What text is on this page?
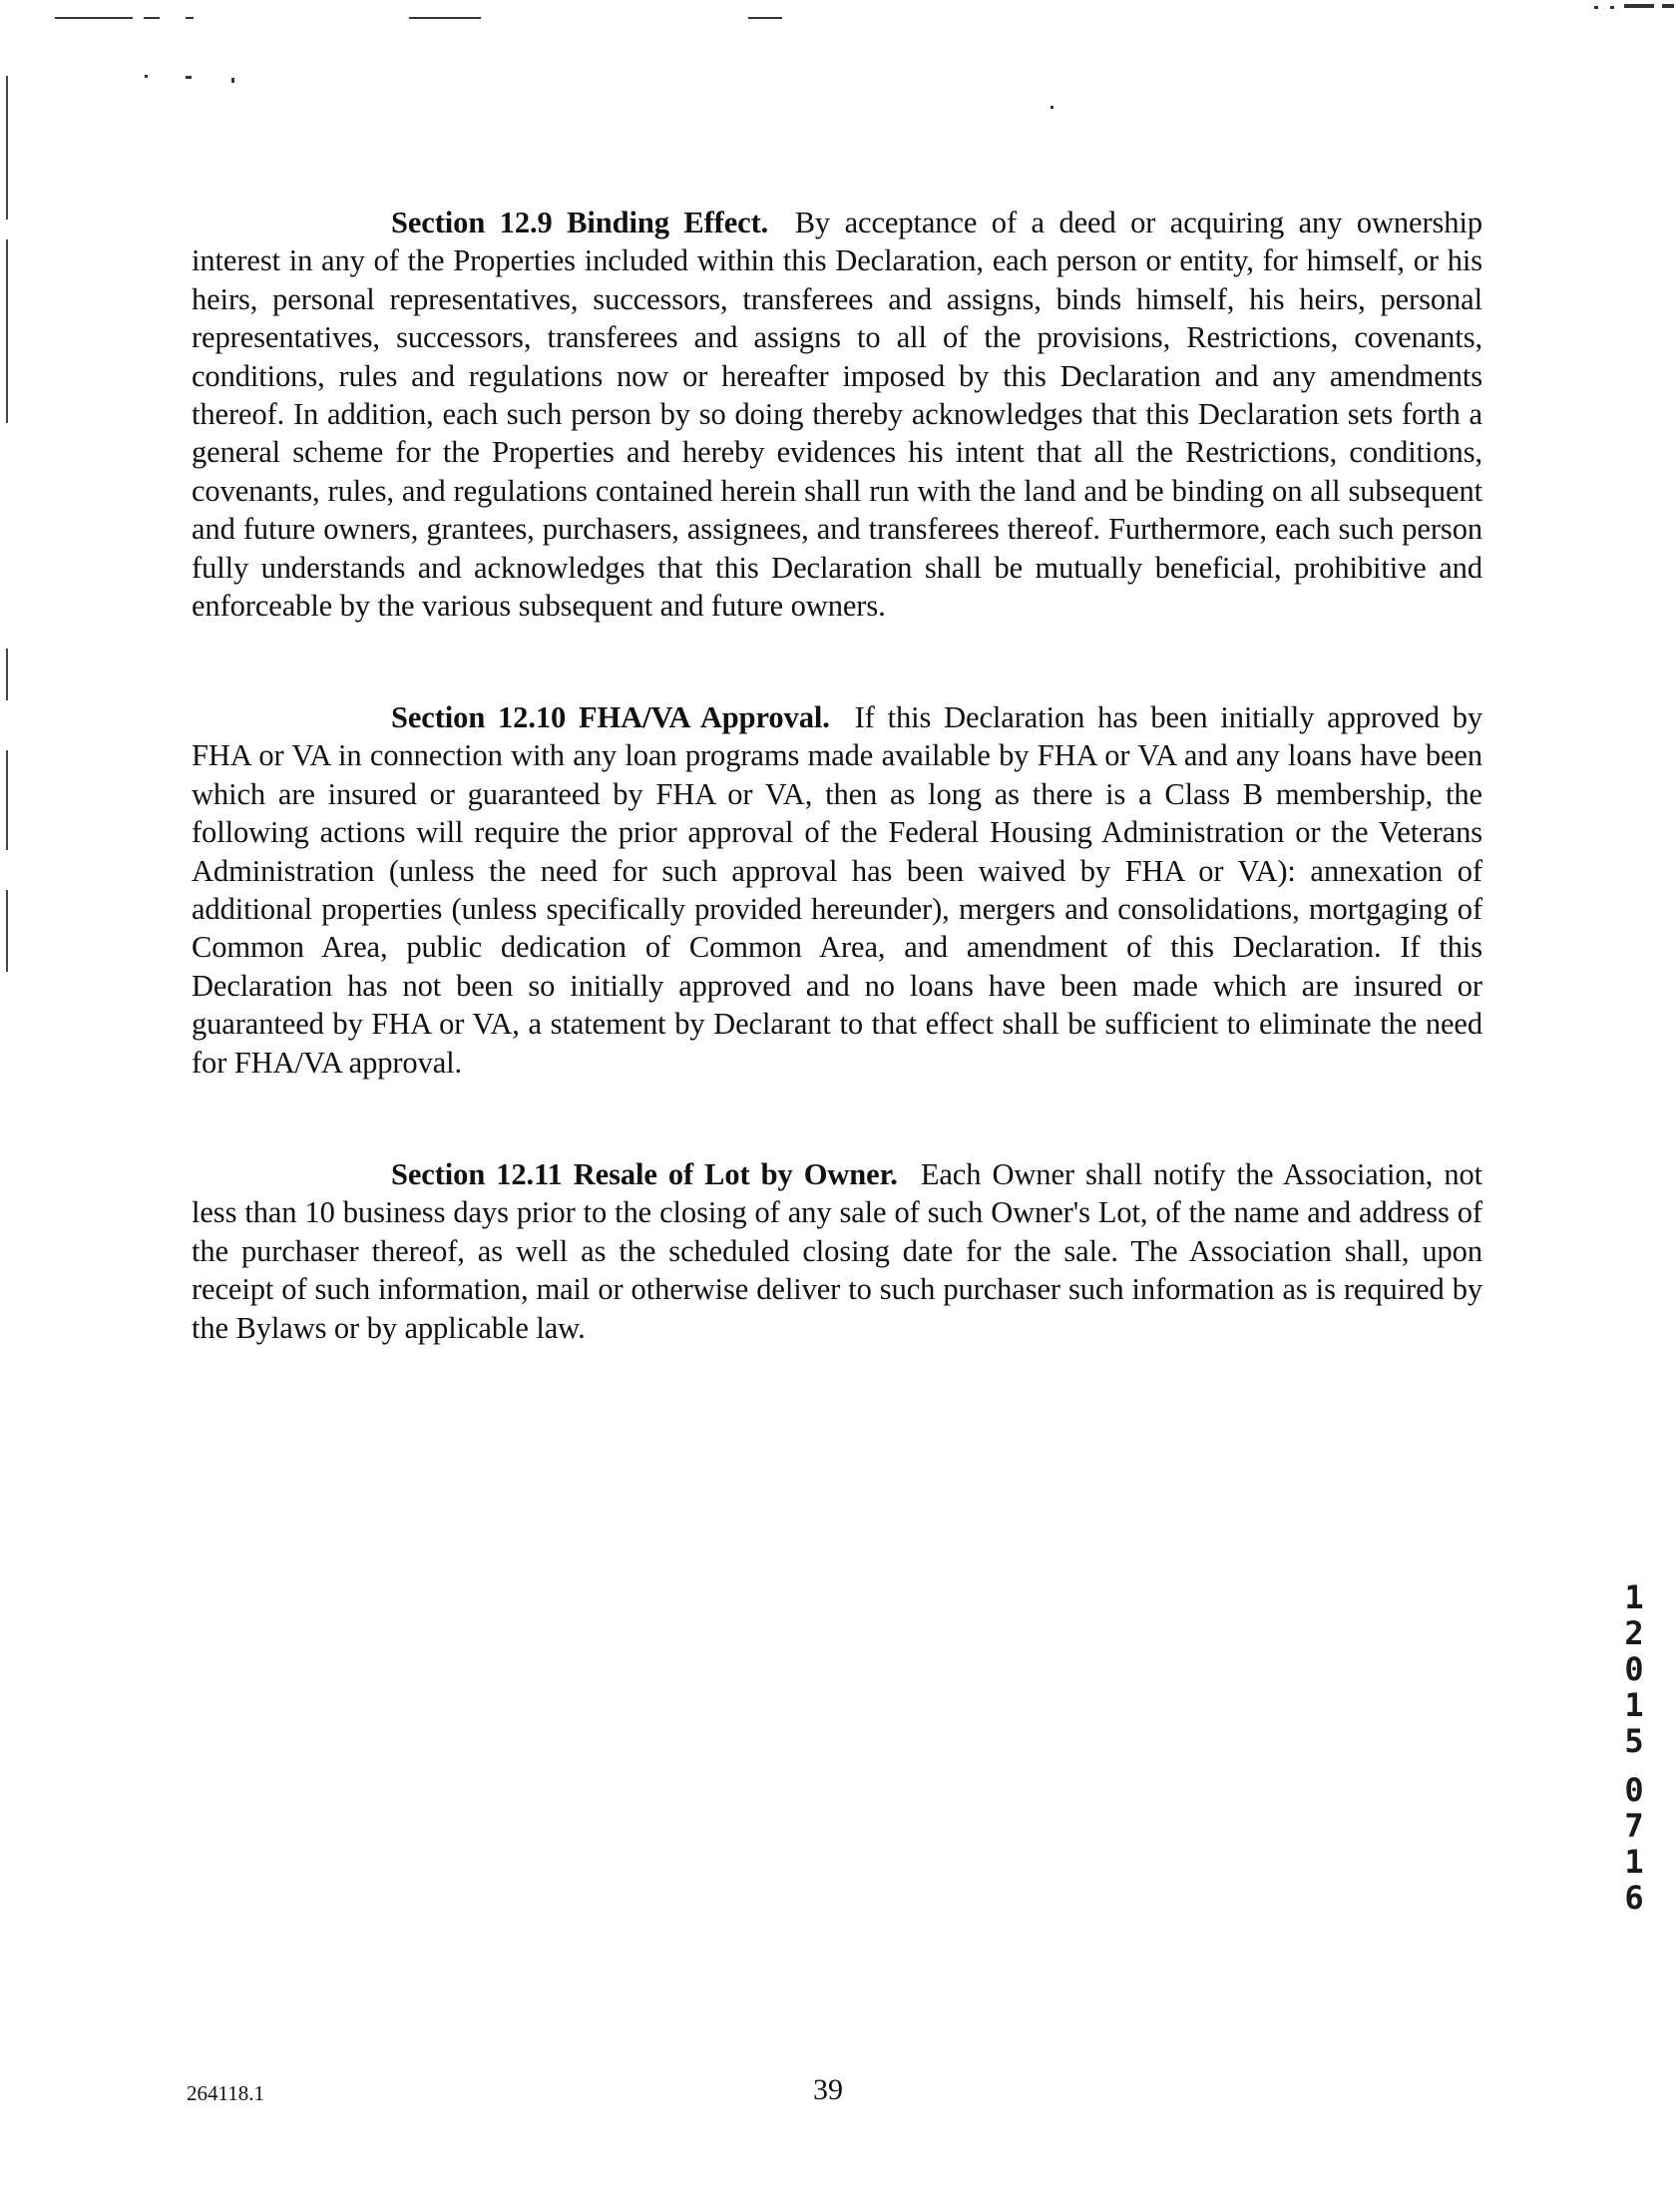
Section 12.9 Binding Effect. By acceptance of a deed or acquiring any ownership interest in any of the Properties included within this Declaration, each person or entity, for himself, or his heirs, personal representatives, successors, transferees and assigns, binds himself, his heirs, personal representatives, successors, transferees and assigns to all of the provisions, Restrictions, covenants, conditions, rules and regulations now or hereafter imposed by this Declaration and any amendments thereof. In addition, each such person by so doing thereby acknowledges that this Declaration sets forth a general scheme for the Properties and hereby evidences his intent that all the Restrictions, conditions, covenants, rules, and regulations contained herein shall run with the land and be binding on all subsequent and future owners, grantees, purchasers, assignees, and transferees thereof. Furthermore, each such person fully understands and acknowledges that this Declaration shall be mutually beneficial, prohibitive and enforceable by the various subsequent and future owners.

Section 12.10 FHA/VA Approval. If this Declaration has been initially approved by FHA or VA in connection with any loan programs made available by FHA or VA and any loans have been which are insured or guaranteed by FHA or VA, then as long as there is a Class B membership, the following actions will require the prior approval of the Federal Housing Administration or the Veterans Administration (unless the need for such approval has been waived by FHA or VA): annexation of additional properties (unless specifically provided hereunder), mergers and consolidations, mortgaging of Common Area, public dedication of Common Area, and amendment of this Declaration. If this Declaration has not been so initially approved and no loans have been made which are insured or guaranteed by FHA or VA, a statement by Declarant to that effect shall be sufficient to eliminate the need for FHA/VA approval.

Section 12.11 Resale of Lot by Owner. Each Owner shall notify the Association, not less than 10 business days prior to the closing of any sale of such Owner's Lot, of the name and address of the purchaser thereof, as well as the scheduled closing date for the sale. The Association shall, upon receipt of such information, mail or otherwise deliver to such purchaser such information as is required by the Bylaws or by applicable law.

1
2
0
1
5
0
7
1
6
264118.1	39
